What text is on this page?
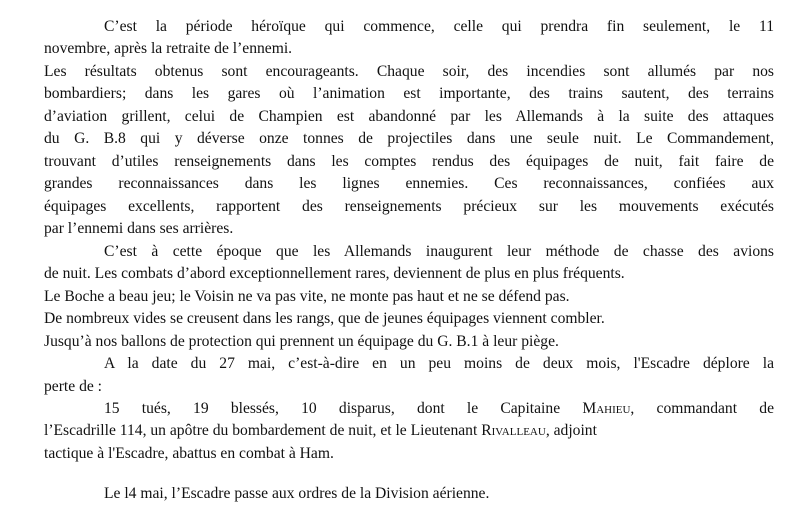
C’est la période héroïque qui commence, celle qui prendra fin seulement, le 11
novembre, après la retraite de l’ennemi.
Les résultats obtenus sont encourageants. Chaque soir, des incendies sont allumés par nos
bombardiers; dans les gares où l’animation est importante, des trains sautent, des terrains
d’aviation grillent, celui de Champien est abandonné par les Allemands à la suite des attaques
du G. B.8 qui y déverse onze tonnes de projectiles dans une seule nuit. Le Commandement,
trouvant d’utiles renseignements dans les comptes rendus des équipages de nuit, fait faire de
grandes reconnaissances dans les lignes ennemies. Ces reconnaissances, confiées aux
équipages excellents, rapportent des renseignements précieux sur les mouvements exécutés
par l’ennemi dans ses arrières.
C’est à cette époque que les Allemands inaugurent leur méthode de chasse des avions
de nuit. Les combats d’abord exceptionnellement rares, deviennent de plus en plus fréquents.
Le Boche a beau jeu; le Voisin ne va pas vite, ne monte pas haut et ne se défend pas.
De nombreux vides se creusent dans les rangs, que de jeunes équipages viennent combler.
Jusqu’à nos ballons de protection qui prennent un équipage du G. B.1 à leur piège.
A la date du 27 mai, c’est-à-dire en un peu moins de deux mois, l'Escadre déplore la
perte de :
15 tués, 19 blessés, 10 disparus, dont le Capitaine Mahieu, commandant de
l’Escadrille 114, un apôtre du bombardement de nuit, et le Lieutenant Rivalleau, adjoint
tactique à l'Escadre, abattus en combat à Ham.
Le l4 mai, l’Escadre passe aux ordres de la Division aérienne.
